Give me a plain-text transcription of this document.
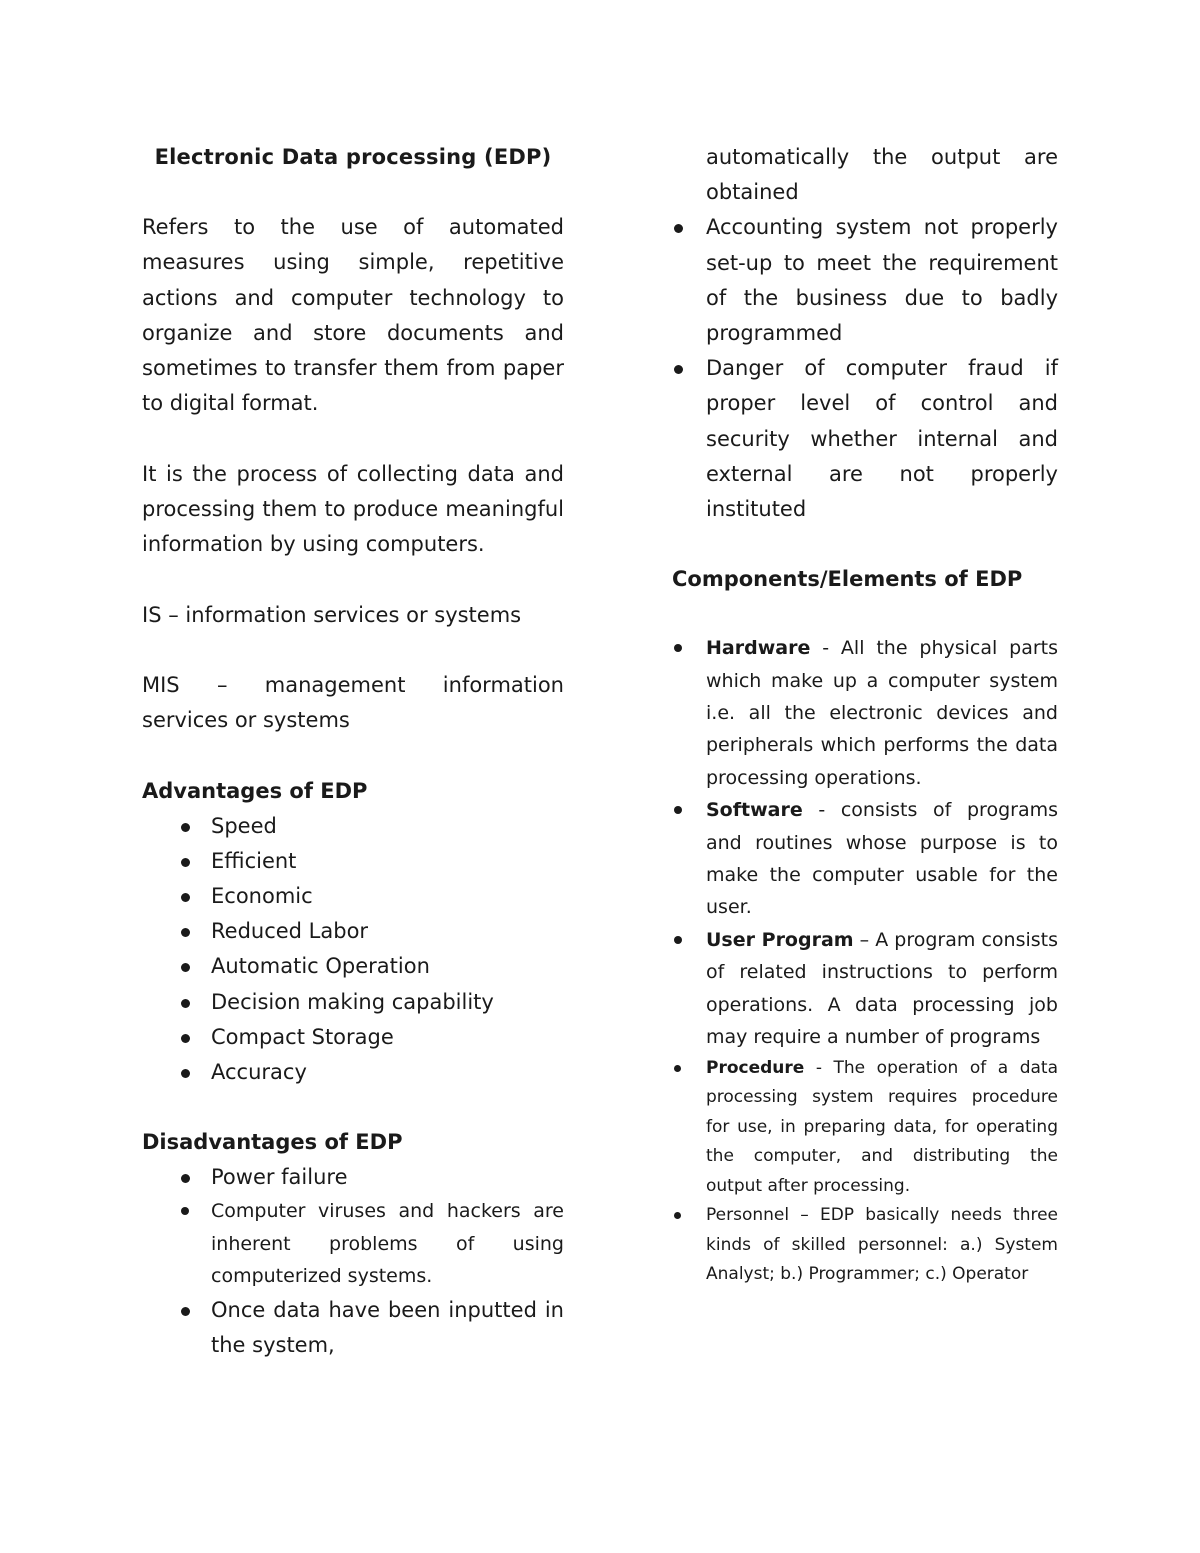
Electronic Data processing (EDP)

Refers to the use of automated measures using simple, repetitive actions and computer technology to organize and store documents and sometimes to transfer them from paper to digital format.

It is the process of collecting data and processing them to produce meaningful information by using computers.

IS – information services or systems

MIS – management information services or systems

Advantages of EDP

Speed
Efficient
Economic
Reduced Labor
Automatic Operation
Decision making capability
Compact Storage
Accuracy

Disadvantages of EDP

Power failure
Computer viruses and hackers are inherent problems of using computerized systems.
Once data have been inputted in the system,
automatically the output are obtained
Accounting system not properly set-up to meet the requirement of the business due to badly programmed
Danger of computer fraud if proper level of control and security whether internal and external are not properly instituted

Components/Elements of EDP

Hardware - All the physical parts which make up a computer system i.e. all the electronic devices and peripherals which performs the data processing operations.
Software - consists of programs and routines whose purpose is to make the computer usable for the user.
User Program – A program consists of related instructions to perform operations. A data processing job may require a number of programs
Procedure - The operation of a data processing system requires procedure for use, in preparing data, for operating the computer, and distributing the output after processing.
Personnel – EDP basically needs three kinds of skilled personnel: a.) System Analyst; b.) Programmer; c.) Operator
